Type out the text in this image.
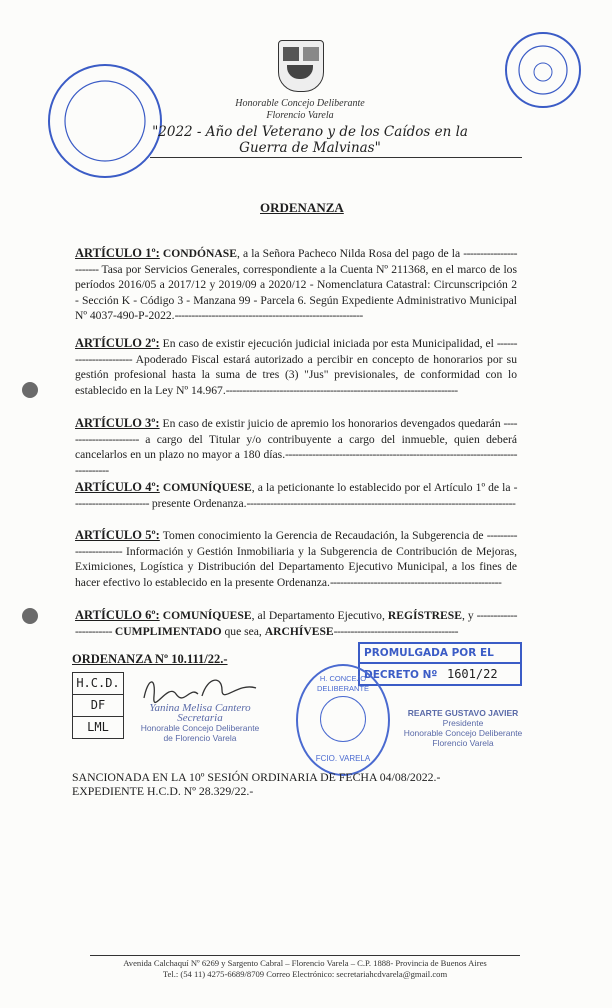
Honorable Concejo Deliberante
Florencio Varela
"2022 - Año del Veterano y de los Caídos en la Guerra de Malvinas"
ORDENANZA
ARTÍCULO 1º: CONDÓNASE, a la Señora Pacheco Nilda Rosa del pago de la ----------------------- Tasa por Servicios Generales, correspondiente a la Cuenta Nº 211368, en el marco de los períodos 2016/05 a 2017/12 y 2019/09 a 2020/12 - Nomenclatura Catastral: Circunscripción 2 - Sección K - Código 3 - Manzana 99 - Parcela 6. Según Expediente Administrativo Municipal Nº 4037-490-P-2022.--------------------------------------------------------
ARTÍCULO 2º: En caso de existir ejecución judicial iniciada por esta Municipalidad, el ----------------------- Apoderado Fiscal estará autorizado a percibir en concepto de honorarios por su gestión profesional hasta la suma de tres (3) "Jus" previsionales, de conformidad con lo establecido en la Ley Nº 14.967.---------------------------------------------------------------------
ARTÍCULO 3º: En caso de existir juicio de apremio los honorarios devengados quedarán ----------------------- a cargo del Titular y/o contribuyente a cargo del inmueble, quien deberá cancelarlos en un plazo no mayor a 180 días.-------------------------------------------------------------------------------
ARTÍCULO 4º: COMUNÍQUESE, a la peticionante lo establecido por el Artículo 1º de la ----------------------- presente Ordenanza.--------------------------------------------------------------------------------
ARTÍCULO 5º: Tomen conocimiento la Gerencia de Recaudación, la Subgerencia de ----------------------- Información y Gestión Inmobiliaria y la Subgerencia de Contribución de Mejoras, Eximiciones, Logística y Distribución del Departamento Ejecutivo Municipal, a los fines de hacer efectivo lo establecido en la presente Ordenanza.---------------------------------------------------
ARTÍCULO 6º: COMUNÍQUESE, al Departamento Ejecutivo, REGÍSTRESE, y ----------------------- CUMPLIMENTADO que sea, ARCHÍVESE-------------------------------------
ORDENANZA Nº 10.111/22.-	PROMULGADA POR EL
DECRETO Nº 1601/22
H.C.D.
DF
LML
Yanina Melisa Cantero
Secretaria
Honorable Concejo Deliberante
de Florencio Varela
H. CONCEJO DELIBERANTE
FCIO. VARELA
REARTE GUSTAVO JAVIER
Presidente
Honorable Concejo Deliberante
Florencio Varela
SANCIONADA EN LA 10º SESIÓN ORDINARIA DE FECHA 04/08/2022.-
EXPEDIENTE H.C.D. Nº 28.329/22.-
Avenida Calchaquí Nº 6269 y Sargento Cabral – Florencio Varela – C.P. 1888- Provincia de Buenos Aires
Tel.: (54 11) 4275-6689/8709 Correo Electrónico: secretariahcdvarela@gmail.com
